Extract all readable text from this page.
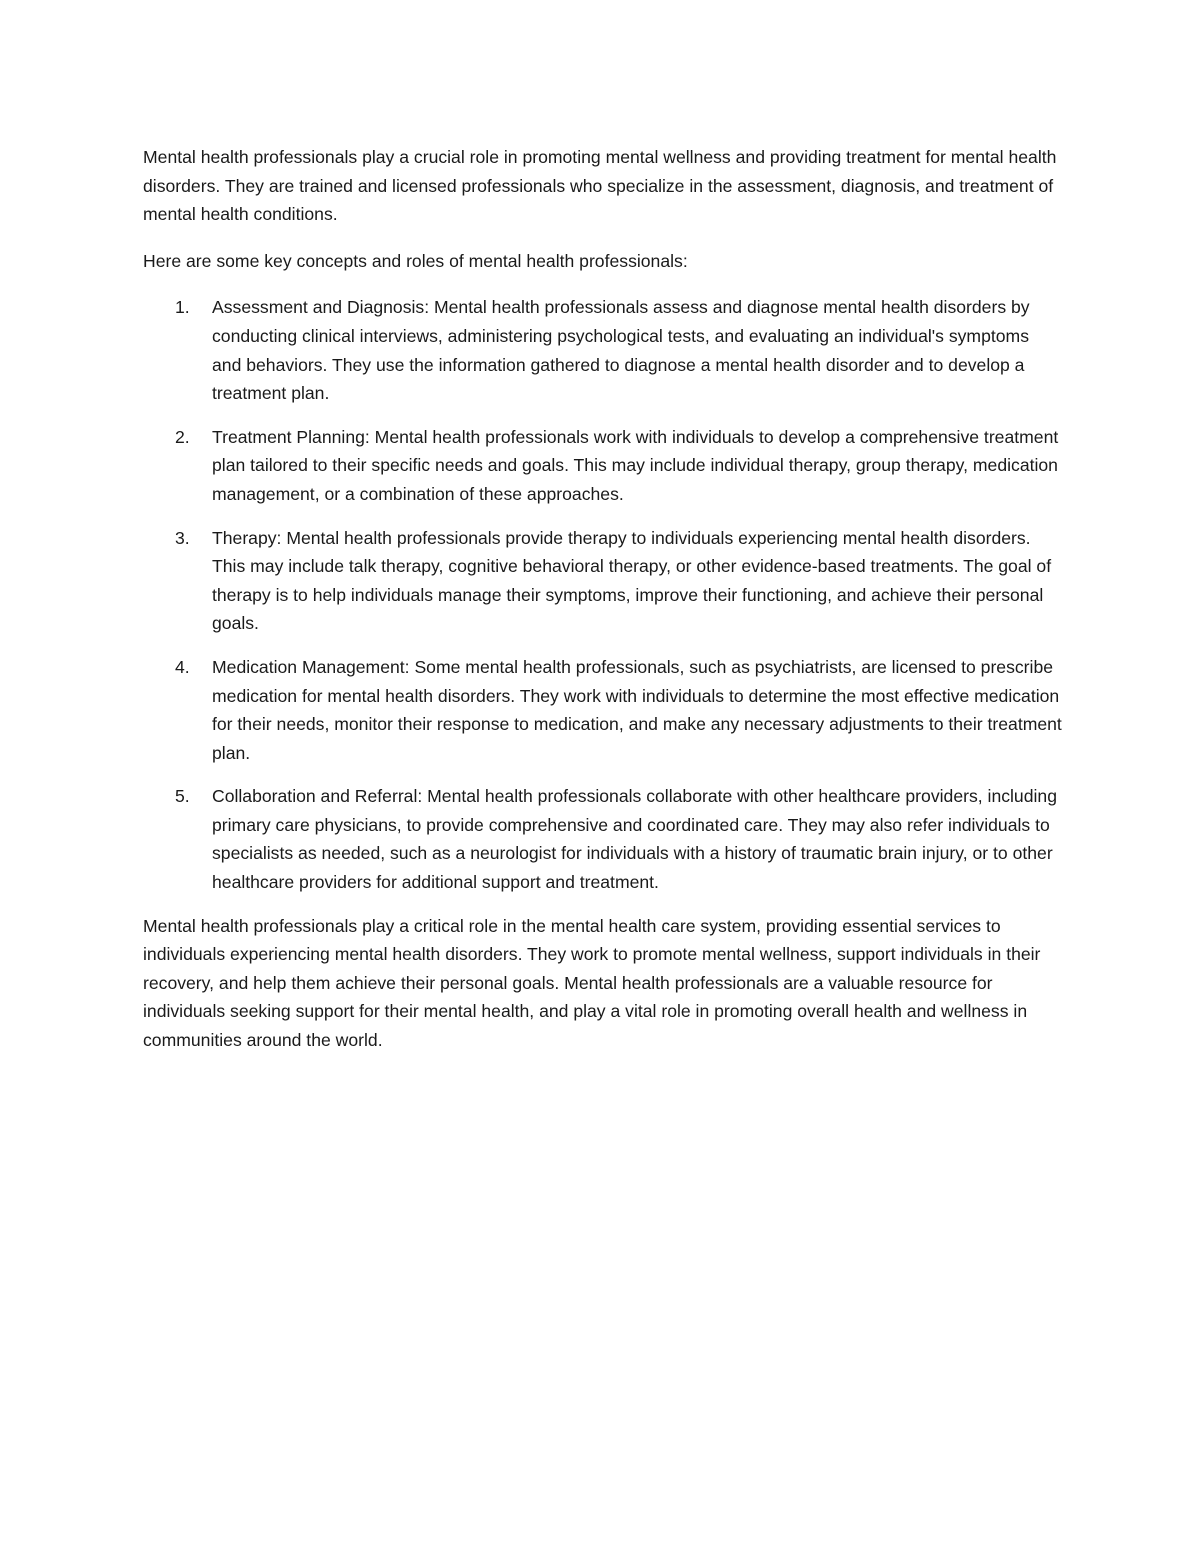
Mental health professionals play a crucial role in promoting mental wellness and providing treatment for mental health disorders. They are trained and licensed professionals who specialize in the assessment, diagnosis, and treatment of mental health conditions.

Here are some key concepts and roles of mental health professionals:

1.	Assessment and Diagnosis: Mental health professionals assess and diagnose mental health disorders by conducting clinical interviews, administering psychological tests, and evaluating an individual's symptoms and behaviors. They use the information gathered to diagnose a mental health disorder and to develop a treatment plan.
2.	Treatment Planning: Mental health professionals work with individuals to develop a comprehensive treatment plan tailored to their specific needs and goals. This may include individual therapy, group therapy, medication management, or a combination of these approaches.
3.	Therapy: Mental health professionals provide therapy to individuals experiencing mental health disorders. This may include talk therapy, cognitive behavioral therapy, or other evidence-based treatments. The goal of therapy is to help individuals manage their symptoms, improve their functioning, and achieve their personal goals.
4.	Medication Management: Some mental health professionals, such as psychiatrists, are licensed to prescribe medication for mental health disorders. They work with individuals to determine the most effective medication for their needs, monitor their response to medication, and make any necessary adjustments to their treatment plan.
5.	Collaboration and Referral: Mental health professionals collaborate with other healthcare providers, including primary care physicians, to provide comprehensive and coordinated care. They may also refer individuals to specialists as needed, such as a neurologist for individuals with a history of traumatic brain injury, or to other healthcare providers for additional support and treatment.

Mental health professionals play a critical role in the mental health care system, providing essential services to individuals experiencing mental health disorders. They work to promote mental wellness, support individuals in their recovery, and help them achieve their personal goals. Mental health professionals are a valuable resource for individuals seeking support for their mental health, and play a vital role in promoting overall health and wellness in communities around the world.
